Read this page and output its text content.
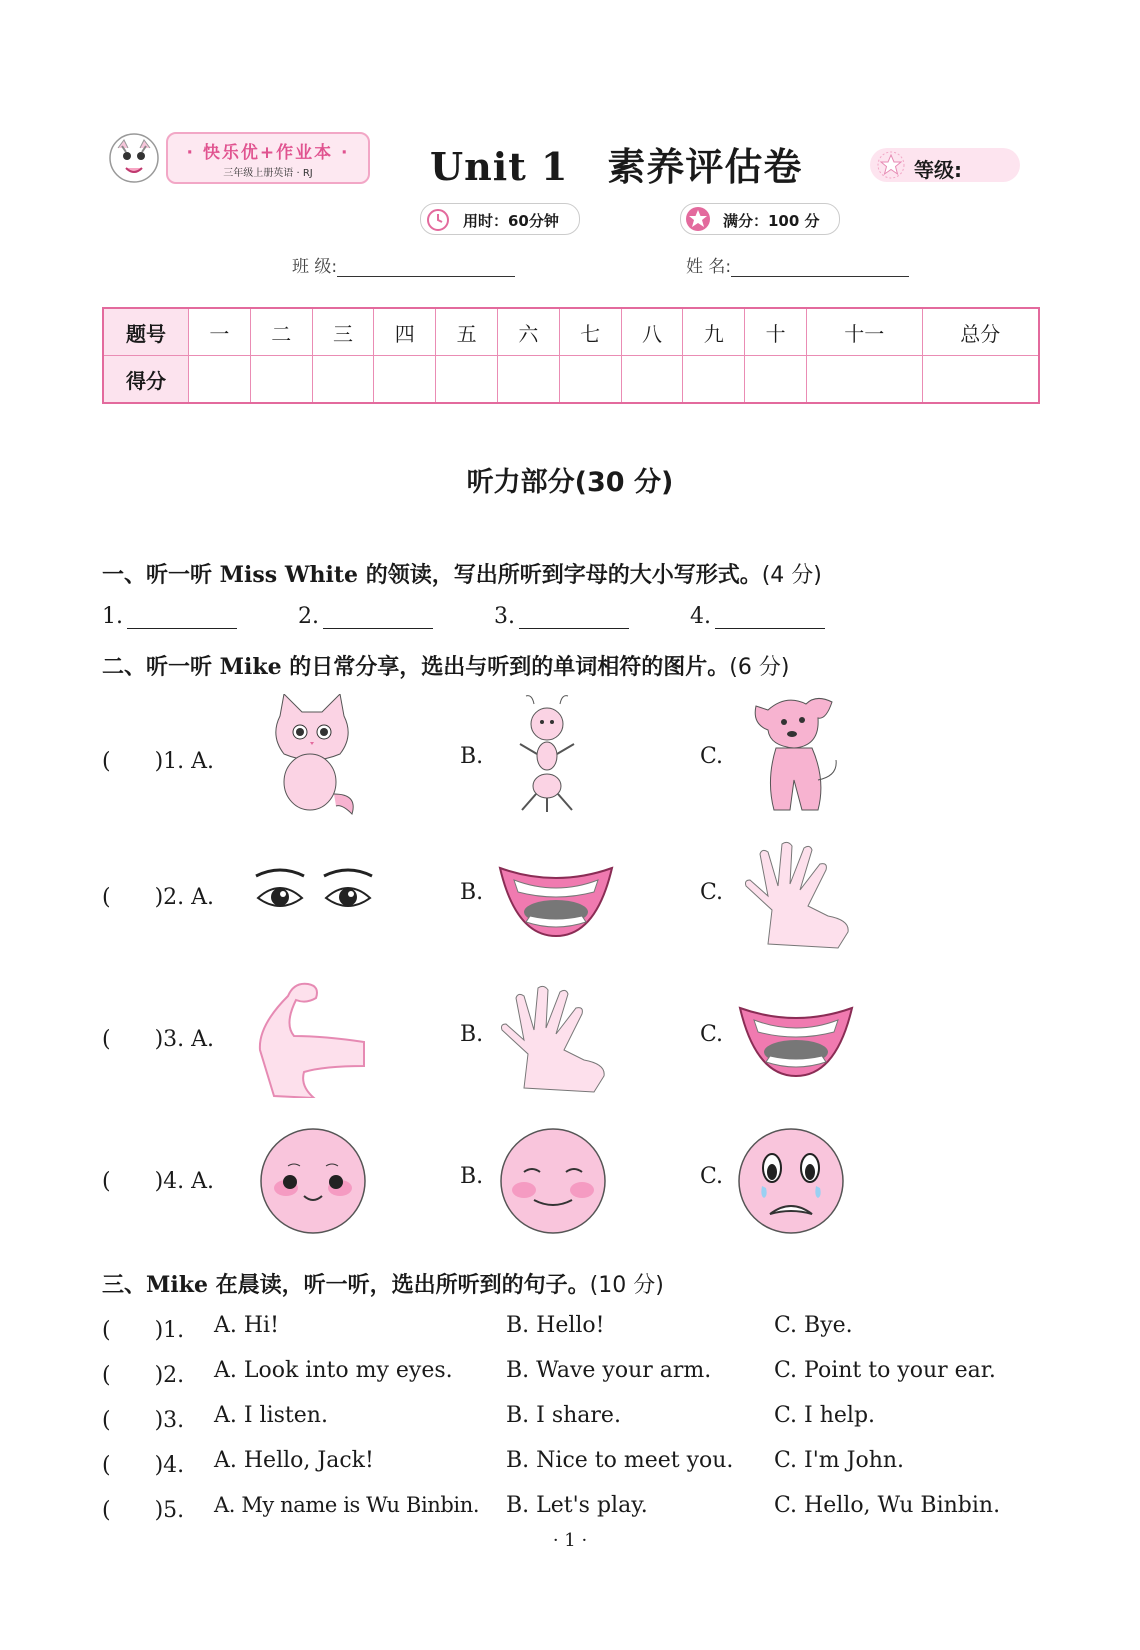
· 快乐优+作业本 ·
三年级上册英语 · RJ	Unit 1　素养评估卷	等级:
用时：60分钟	满分：100 分
班 级:	姓 名:
题号	一	二	三	四	五	六	七	八	九	十	十一	总分
得分												
听力部分(30 分)
一、听一听 Miss White 的领读，写出所听到字母的大小写形式。(4 分)
1.	2.	3.	4.
二、听一听 Mike 的日常分享，选出与听到的单词相符的图片。(6 分)
(　　)1. A.	B.	C.
(　　)2. A.	B.	C.
(　　)3. A.	B.	C.
(　　)4. A.	B.	C.
三、Mike 在晨读，听一听，选出所听到的句子。(10 分)
(　　)1. A. Hi!	B. Hello!	C. Bye.
(　　)2. A. Look into my eyes. B. Wave your arm.	C. Point to your ear.
(　　)3. A. I listen.	B. I share.	C. I help.
(　　)4. A. Hello, Jack!	B. Nice to meet you. C. I'm John.
(　　)5. A. My name is Wu Binbin. B. Let's play.	C. Hello, Wu Binbin.
· 1 ·
